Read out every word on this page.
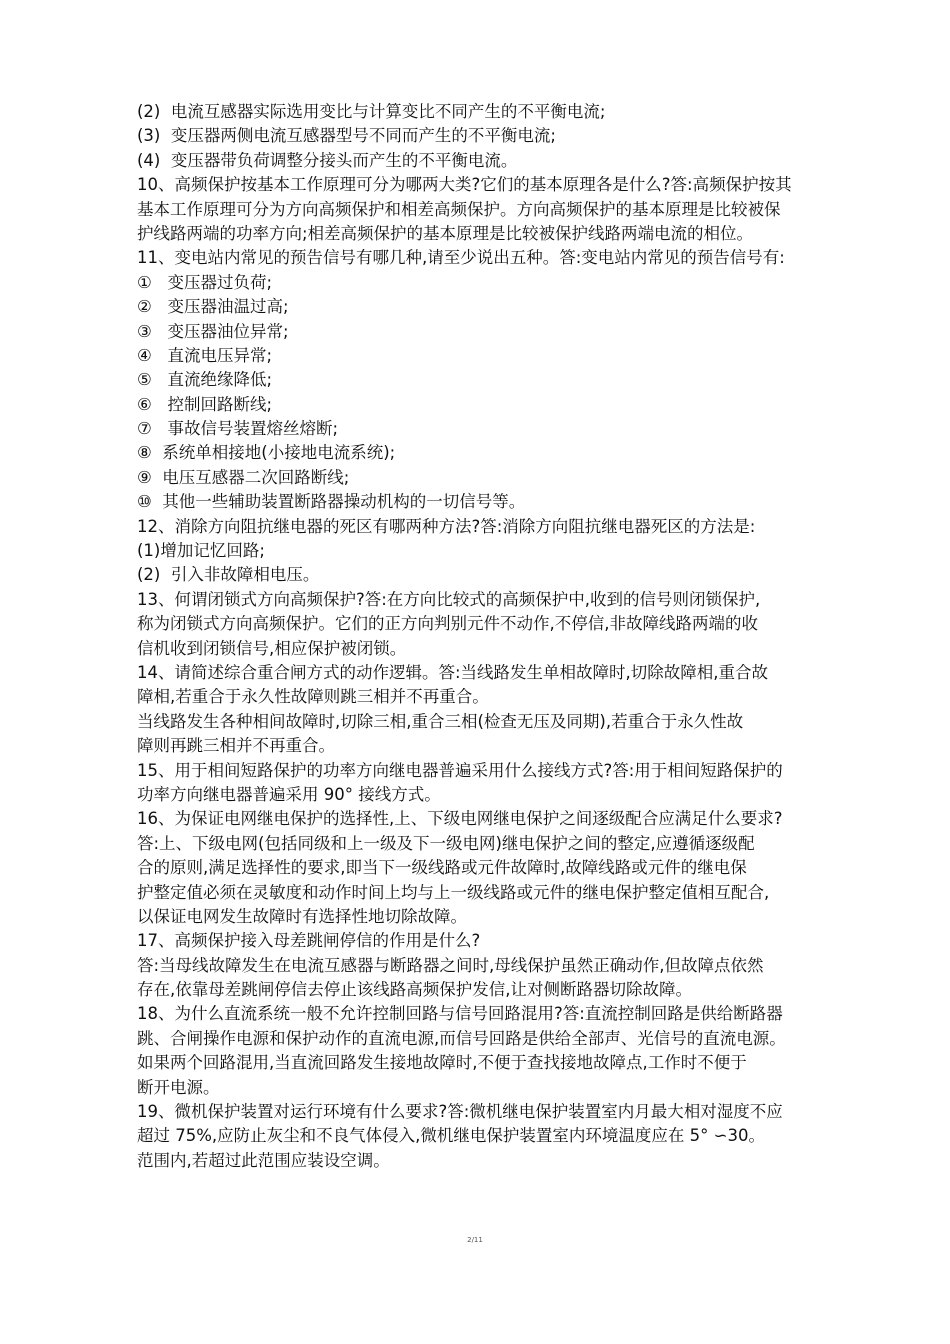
(2)  电流互感器实际选用变比与计算变比不同产生的不平衡电流;
(3)  变压器两侧电流互感器型号不同而产生的不平衡电流;
(4)  变压器带负荷调整分接头而产生的不平衡电流。
10、高频保护按基本工作原理可分为哪两大类?它们的基本原理各是什么?答:高频保护按其
基本工作原理可分为方向高频保护和相差高频保护。方向高频保护的基本原理是比较被保
护线路两端的功率方向;相差高频保护的基本原理是比较被保护线路两端电流的相位。
11、变电站内常见的预告信号有哪几种,请至少说出五种。答:变电站内常见的预告信号有:
①   变压器过负荷;
②   变压器油温过高;
③   变压器油位异常;
④   直流电压异常;
⑤   直流绝缘降低;
⑥   控制回路断线;
⑦   事故信号装置熔丝熔断;
⑧  系统单相接地(小接地电流系统);
⑨  电压互感器二次回路断线;
⑩  其他一些辅助装置断路器操动机构的一切信号等。
12、消除方向阻抗继电器的死区有哪两种方法?答:消除方向阻抗继电器死区的方法是:
(1)增加记忆回路;
(2)  引入非故障相电压。
13、何谓闭锁式方向高频保护?答:在方向比较式的高频保护中,收到的信号则闭锁保护,
称为闭锁式方向高频保护。它们的正方向判别元件不动作,不停信,非故障线路两端的收
信机收到闭锁信号,相应保护被闭锁。
14、请简述综合重合闸方式的动作逻辑。答:当线路发生单相故障时,切除故障相,重合故
障相,若重合于永久性故障则跳三相并不再重合。
当线路发生各种相间故障时,切除三相,重合三相(检查无压及同期),若重合于永久性故
障则再跳三相并不再重合。
15、用于相间短路保护的功率方向继电器普遍采用什么接线方式?答:用于相间短路保护的
功率方向继电器普遍采用 90° 接线方式。
16、为保证电网继电保护的选择性,上、下级电网继电保护之间逐级配合应满足什么要求?
答:上、下级电网(包括同级和上一级及下一级电网)继电保护之间的整定,应遵循逐级配
合的原则,满足选择性的要求,即当下一级线路或元件故障时,故障线路或元件的继电保
护整定值必须在灵敏度和动作时间上均与上一级线路或元件的继电保护整定值相互配合,
以保证电网发生故障时有选择性地切除故障。
17、高频保护接入母差跳闸停信的作用是什么?
答:当母线故障发生在电流互感器与断路器之间时,母线保护虽然正确动作,但故障点依然
存在,依靠母差跳闸停信去停止该线路高频保护发信,让对侧断路器切除故障。
18、为什么直流系统一般不允许控制回路与信号回路混用?答:直流控制回路是供给断路器
跳、合闸操作电源和保护动作的直流电源,而信号回路是供给全部声、光信号的直流电源。
如果两个回路混用,当直流回路发生接地故障时,不便于查找接地故障点,工作时不便于
断开电源。
19、微机保护装置对运行环境有什么要求?答:微机继电保护装置室内月最大相对湿度不应
超过 75%,应防止灰尘和不良气体侵入,微机继电保护装置室内环境温度应在 5° ∽30。
范围内,若超过此范围应装设空调。
2/11
